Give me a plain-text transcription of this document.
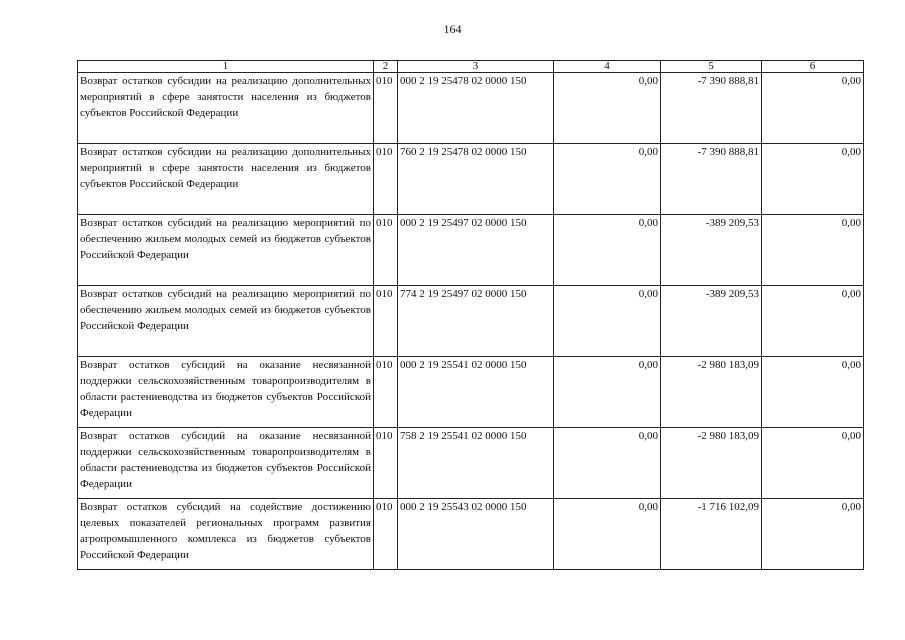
164
1	2	3	4	5	6
Возврат остатков субсидии на реализацию дополнительных мероприятий в сфере занятости населения из бюджетов субъектов Российской Федерации	010	000 2 19 25478 02 0000 150	0,00	-7 390 888,81	0,00
Возврат остатков субсидии на реализацию дополнительных мероприятий в сфере занятости населения из бюджетов субъектов Российской Федерации	010	760 2 19 25478 02 0000 150	0,00	-7 390 888,81	0,00
Возврат остатков субсидий на реализацию мероприятий по обеспечению жильем молодых семей из бюджетов субъектов Российской Федерации	010	000 2 19 25497 02 0000 150	0,00	-389 209,53	0,00
Возврат остатков субсидий на реализацию мероприятий по обеспечению жильем молодых семей из бюджетов субъектов Российской Федерации	010	774 2 19 25497 02 0000 150	0,00	-389 209,53	0,00
Возврат остатков субсидий на оказание несвязанной поддержки сельскохозяйственным товаропроизводителям в области растениеводства из бюджетов субъектов Российской Федерации	010	000 2 19 25541 02 0000 150	0,00	-2 980 183,09	0,00
Возврат остатков субсидий на оказание несвязанной поддержки сельскохозяйственным товаропроизводителям в области растениеводства из бюджетов субъектов Российской Федерации	010	758 2 19 25541 02 0000 150	0,00	-2 980 183,09	0,00
Возврат остатков субсидий на содействие достижению целевых показателей региональных программ развития агропромышленного комплекса из бюджетов субъектов Российской Федерации	010	000 2 19 25543 02 0000 150	0,00	-1 716 102,09	0,00
